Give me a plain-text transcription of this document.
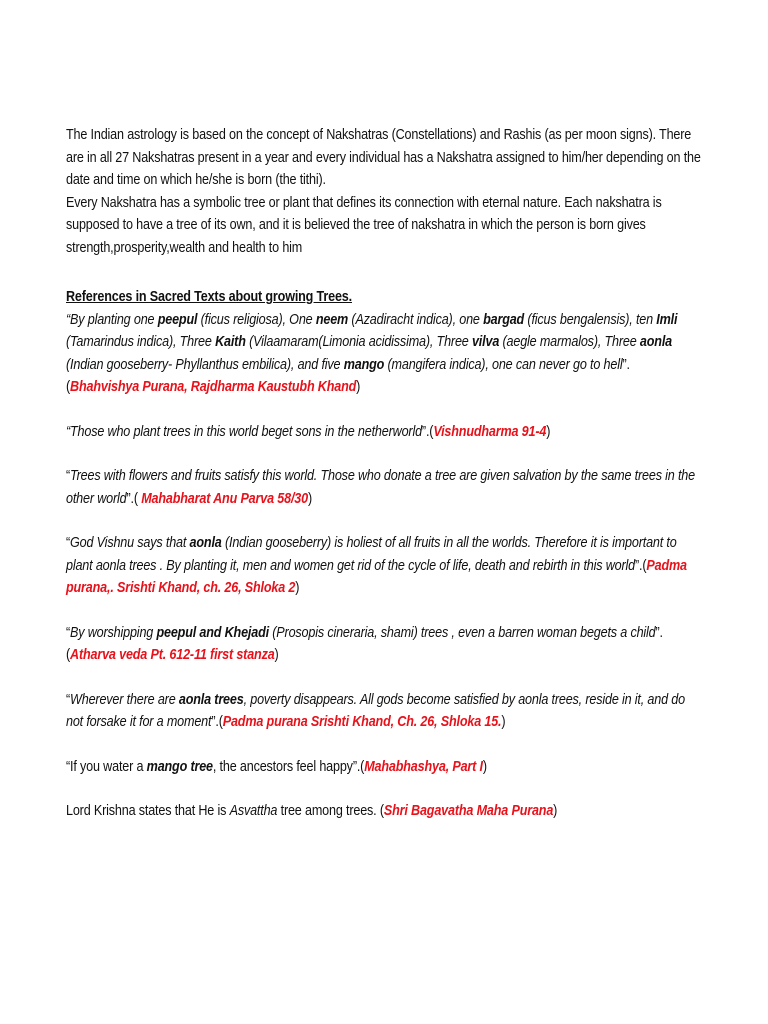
The Indian astrology is based on the concept of Nakshatras (Constellations) and Rashis (as per moon signs). There are in all 27 Nakshatras present in a year and every individual has a Nakshatra assigned to him/her depending on the date and time on which he/she is born (the tithi).

Every Nakshatra has a symbolic tree or plant that defines its connection with eternal nature. Each nakshatra is supposed to have a tree of its own, and it is believed the tree of nakshatra in which the person is born gives strength,prosperity,wealth and health to him

References in Sacred Texts about growing Trees.

“By planting one peepul (ficus religiosa), One neem (Azadiracht indica), one bargad (ficus bengalensis), ten Imli (Tamarindus indica), Three Kaith (Vilaamaram(Limonia acidissima), Three vilva (aegle marmalos), Three aonla (Indian gooseberry- Phyllanthus embilica), and five mango (mangifera indica), one can never go to hell”. (Bhahvishya Purana, Rajdharma Kaustubh Khand)

“Those who plant trees in this world beget sons in the netherworld”.(Vishnudharma 91-4)

“Trees with flowers and fruits satisfy this world. Those who donate a tree are given salvation by the same trees in the other world”.( Mahabharat Anu Parva 58/30)

“God Vishnu says that aonla (Indian gooseberry) is holiest of all fruits in all the worlds. Therefore it is important to plant aonla trees . By planting it, men and women get rid of the cycle of life, death and rebirth in this world”.(Padma purana,. Srishti Khand, ch. 26, Shloka 2)

“By worshipping peepul and Khejadi (Prosopis cineraria, shami) trees , even a barren woman begets a child”.(Atharva veda Pt. 612-11 first stanza)

“Wherever there are aonla trees, poverty disappears. All gods become satisfied by aonla trees, reside in it, and do not forsake it for a moment”.(Padma purana Srishti Khand, Ch. 26, Shloka 15.)

“If you water a mango tree, the ancestors feel happy”.(Mahabhashya, Part I)

Lord Krishna states that He is Asvattha tree among trees. (Shri Bagavatha Maha Purana)
